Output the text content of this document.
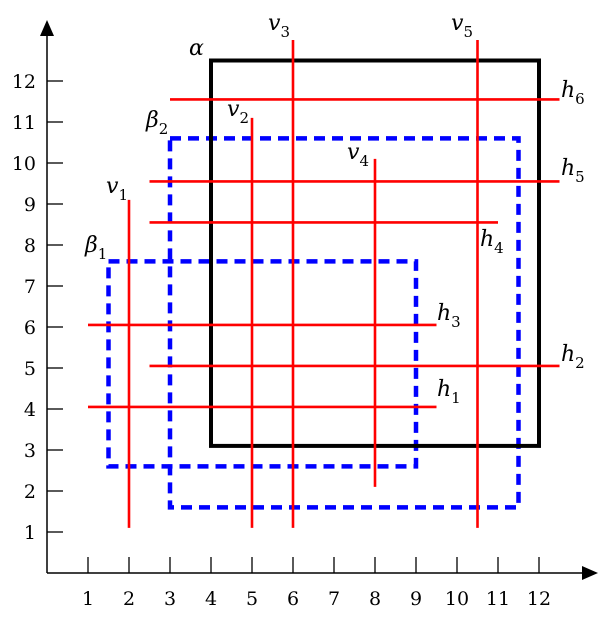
1 2 3 4 5 6 7 8 9 10 11 12
1
2
3
4
5
6
7
8
9
10
11
12
α
$\beta_2$
$\beta_1$
$h_1$
$h_2$
$h_3$
$h_4$
$h_5$
$h_6$
$v_1$
$v_2$
$v_3$
$v_4$
$v_5$
